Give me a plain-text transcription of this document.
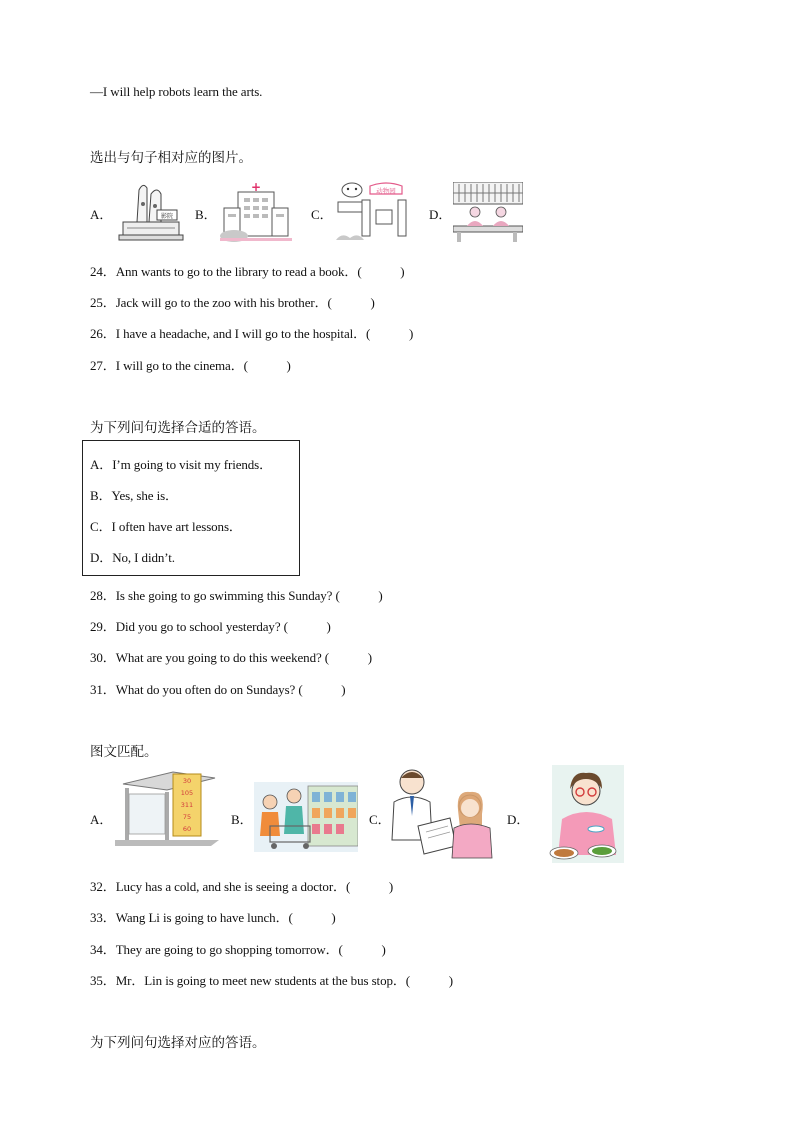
—I will help robots learn the arts.
选出与句子相对应的图片。
A．	影院 B．
+
C．
动物园
D．
24．Ann wants to go to the library to read a book．(　　　)
25．Jack will go to the zoo with his brother．(　　　)
26．I have a headache, and I will go to the hospital．(　　　)
27．I will go to the cinema．(　　　)
为下列问句选择合适的答语。
A．I’m going to visit my friends．
B．Yes, she is．
C．I often have art lessons．
D．No, I didn’t.
28．Is she going to go swimming this Sunday? (　　　)
29．Did you go to school yesterday? (　　　)
30．What are you going to do this weekend? (　　　)
31．What do you often do on Sundays? (　　　)
图文匹配。
A．
30
105
311
75
60
B．	C．	D．
32．Lucy has a cold, and she is seeing a doctor．(　　　)
33．Wang Li is going to have lunch．(　　　)
34．They are going to go shopping tomorrow．(　　　)
35．Mr．Lin is going to meet new students at the bus stop．(　　　)
为下列问句选择对应的答语。
